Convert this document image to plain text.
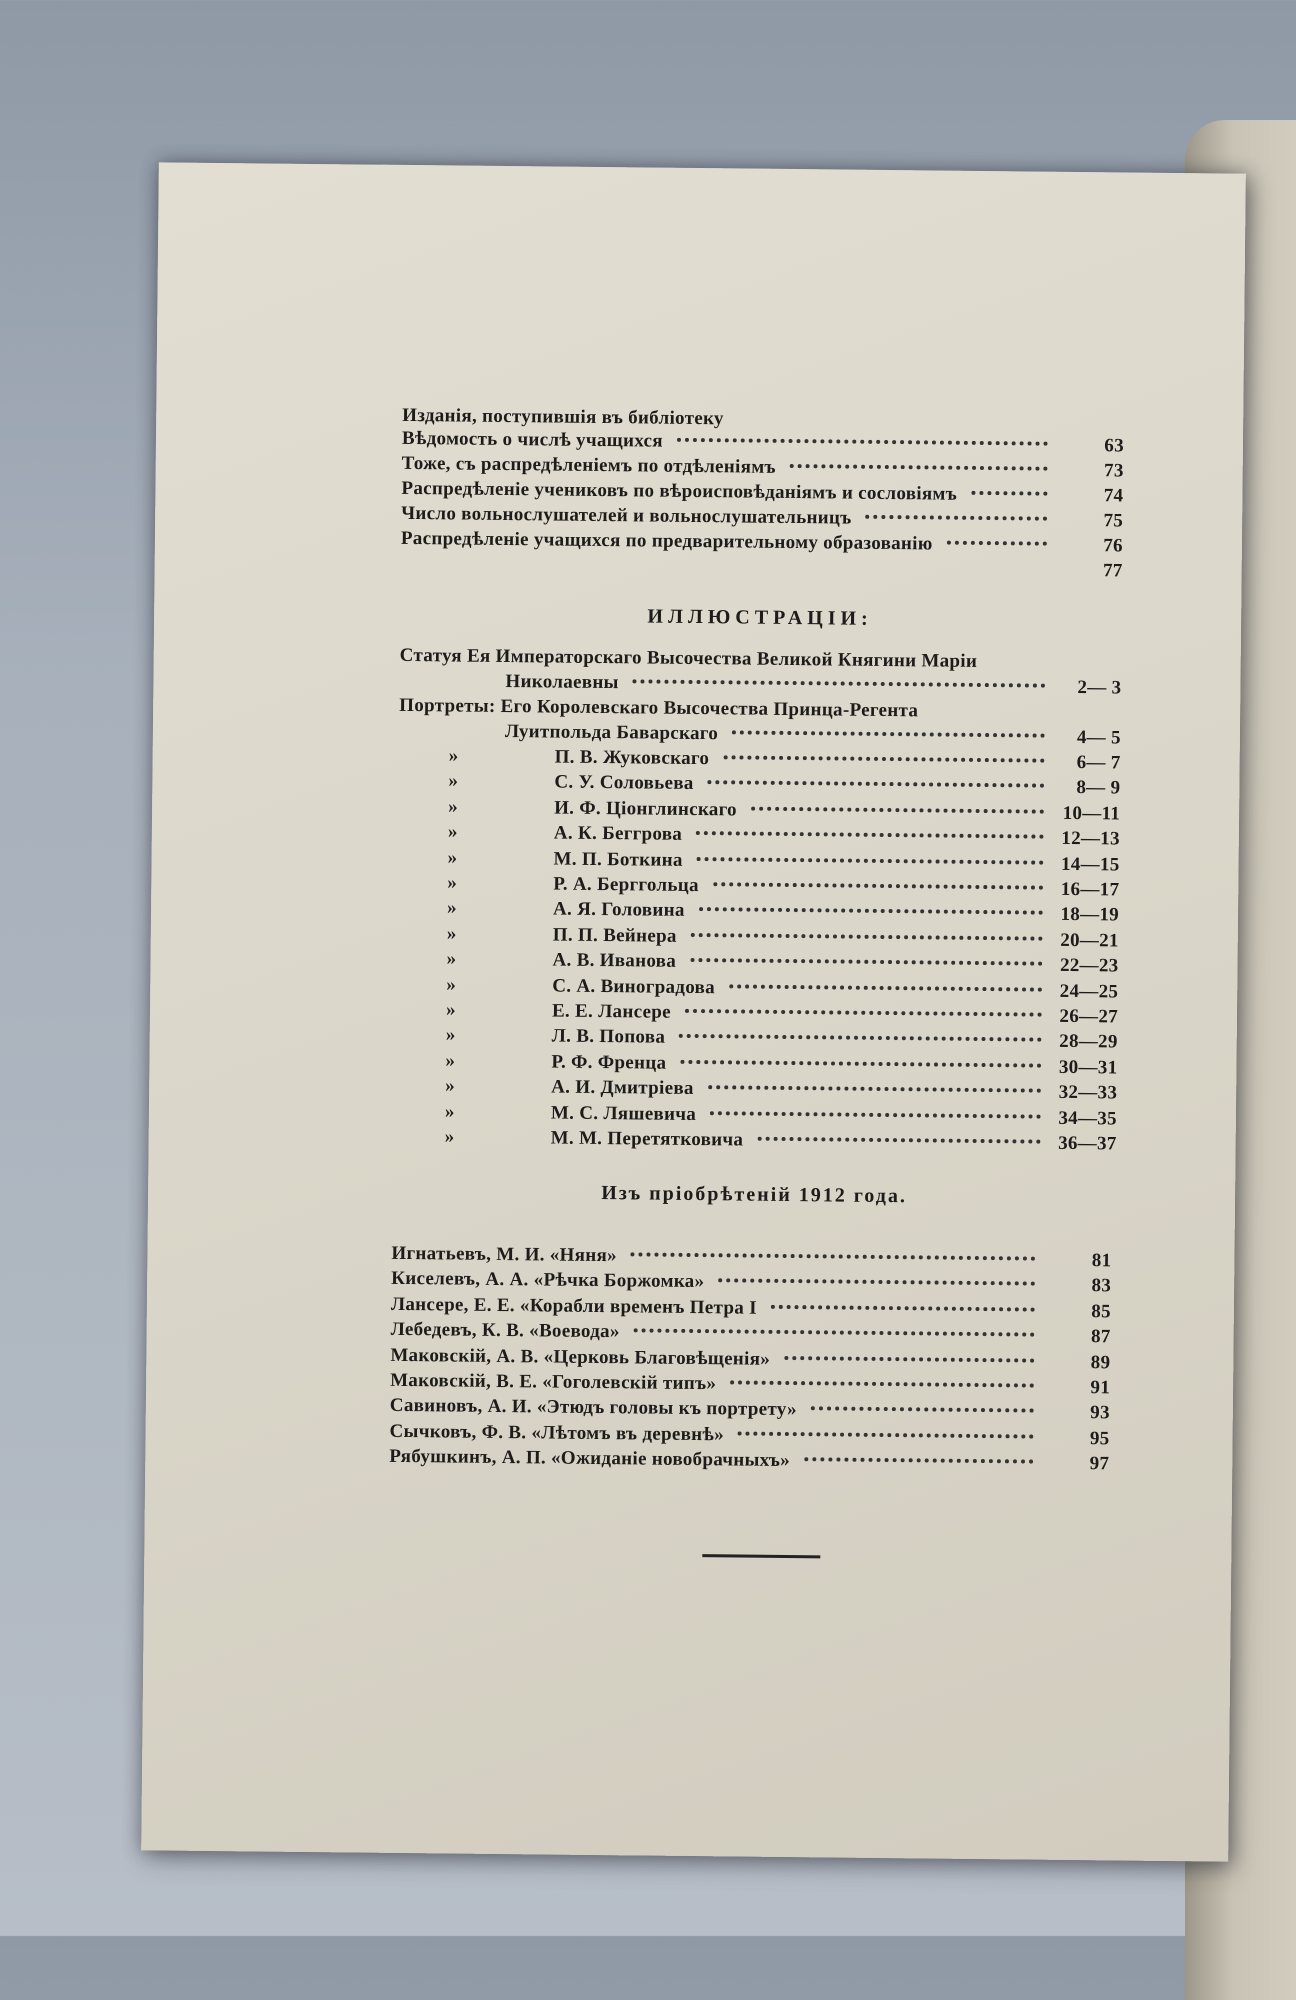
Изданія, поступившія въ библіотеку
Вѣдомость о числѣ учащихся	63
Тоже, съ распредѣленіемъ по отдѣленіямъ	73
Распредѣленіе учениковъ по вѣроисповѣданіямъ и сословіямъ	74
Число вольнослушателей и вольнослушательницъ	75
Распредѣленіе учащихся по предварительному образованію	76
77
ИЛЛЮСТРАЦІИ:
Статуя Ея Императорскаго Высочества Великой Княгини Маріи
Николаевны	2— 3
Портреты: Его Королевскаго Высочества Принца-Регента
Луитпольда Баварскаго	4— 5
Изъ пріобрѣтеній 1912 года.
»	П. В. Жуковскаго	6— 7
»	С. У. Соловьева	8— 9
»	И. Ф. Ціонглинскаго	10—11
»	А. К. Беггрова	12—13
»	М. П. Боткина	14—15
»	Р. А. Берггольца	16—17
»	А. Я. Головина	18—19
»	П. П. Вейнера	20—21
»	А. В. Иванова	22—23
»	С. А. Виноградова	24—25
»	Е. Е. Лансере	26—27
»	Л. В. Попова	28—29
»	Р. Ф. Френца	30—31
»	А. И. Дмитріева	32—33
»	М. С. Ляшевича	34—35
»	М. М. Перетятковича	36—37
Игнатьевъ, М. И. «Няня»	81
Киселевъ, А. А. «Рѣчка Боржомка»	83
Лансере, Е. Е. «Корабли временъ Петра I	85
Лебедевъ, К. В. «Воевода»	87
Маковскій, А. В. «Церковь Благовѣщенія»	89
Маковскій, В. Е. «Гоголевскій типъ»	91
Савиновъ, А. И. «Этюдъ головы къ портрету»	93
Сычковъ, Ф. В. «Лѣтомъ въ деревнѣ»	95
Рябушкинъ, А. П. «Ожиданіе новобрачныхъ»	97
